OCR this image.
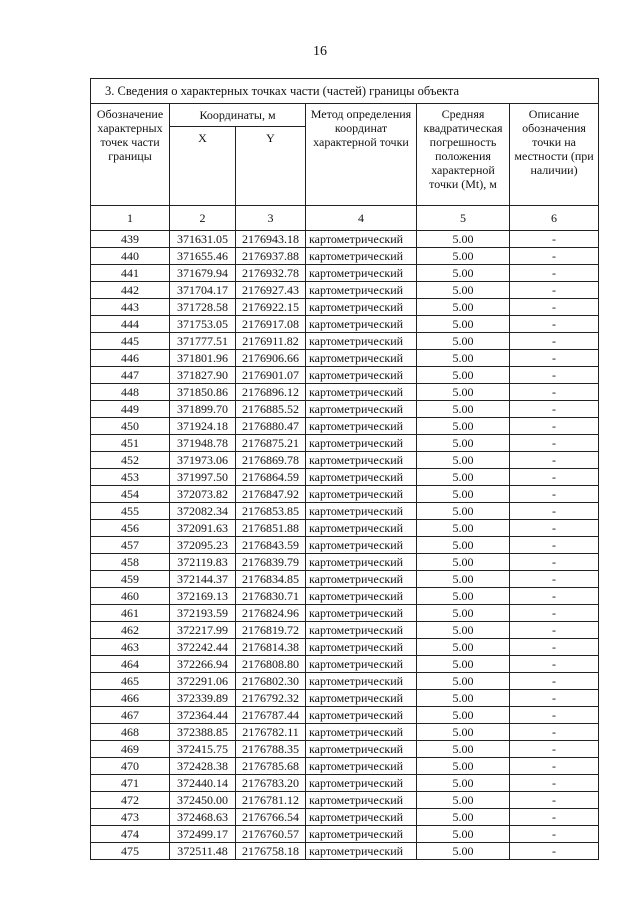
16
3. Сведения о характерных точках части (частей) границы объекта					
Обозначение характерных точек части границы	Координаты, м		Метод определения координат характерной точки	Средняя квадратическая погрешность положения характерной точки (Мt), м	Описание обозначения точки на местности (при наличии)
	X	Y			
1	2	3	4	5	6
439	371631.05	2176943.18	картометрический	5.00	-
440	371655.46	2176937.88	картометрический	5.00	-
441	371679.94	2176932.78	картометрический	5.00	-
442	371704.17	2176927.43	картометрический	5.00	-
443	371728.58	2176922.15	картометрический	5.00	-
444	371753.05	2176917.08	картометрический	5.00	-
445	371777.51	2176911.82	картометрический	5.00	-
446	371801.96	2176906.66	картометрический	5.00	-
447	371827.90	2176901.07	картометрический	5.00	-
448	371850.86	2176896.12	картометрический	5.00	-
449	371899.70	2176885.52	картометрический	5.00	-
450	371924.18	2176880.47	картометрический	5.00	-
451	371948.78	2176875.21	картометрический	5.00	-
452	371973.06	2176869.78	картометрический	5.00	-
453	371997.50	2176864.59	картометрический	5.00	-
454	372073.82	2176847.92	картометрический	5.00	-
455	372082.34	2176853.85	картометрический	5.00	-
456	372091.63	2176851.88	картометрический	5.00	-
457	372095.23	2176843.59	картометрический	5.00	-
458	372119.83	2176839.79	картометрический	5.00	-
459	372144.37	2176834.85	картометрический	5.00	-
460	372169.13	2176830.71	картометрический	5.00	-
461	372193.59	2176824.96	картометрический	5.00	-
462	372217.99	2176819.72	картометрический	5.00	-
463	372242.44	2176814.38	картометрический	5.00	-
464	372266.94	2176808.80	картометрический	5.00	-
465	372291.06	2176802.30	картометрический	5.00	-
466	372339.89	2176792.32	картометрический	5.00	-
467	372364.44	2176787.44	картометрический	5.00	-
468	372388.85	2176782.11	картометрический	5.00	-
469	372415.75	2176788.35	картометрический	5.00	-
470	372428.38	2176785.68	картометрический	5.00	-
471	372440.14	2176783.20	картометрический	5.00	-
472	372450.00	2176781.12	картометрический	5.00	-
473	372468.63	2176766.54	картометрический	5.00	-
474	372499.17	2176760.57	картометрический	5.00	-
475	372511.48	2176758.18	картометрический	5.00	-
